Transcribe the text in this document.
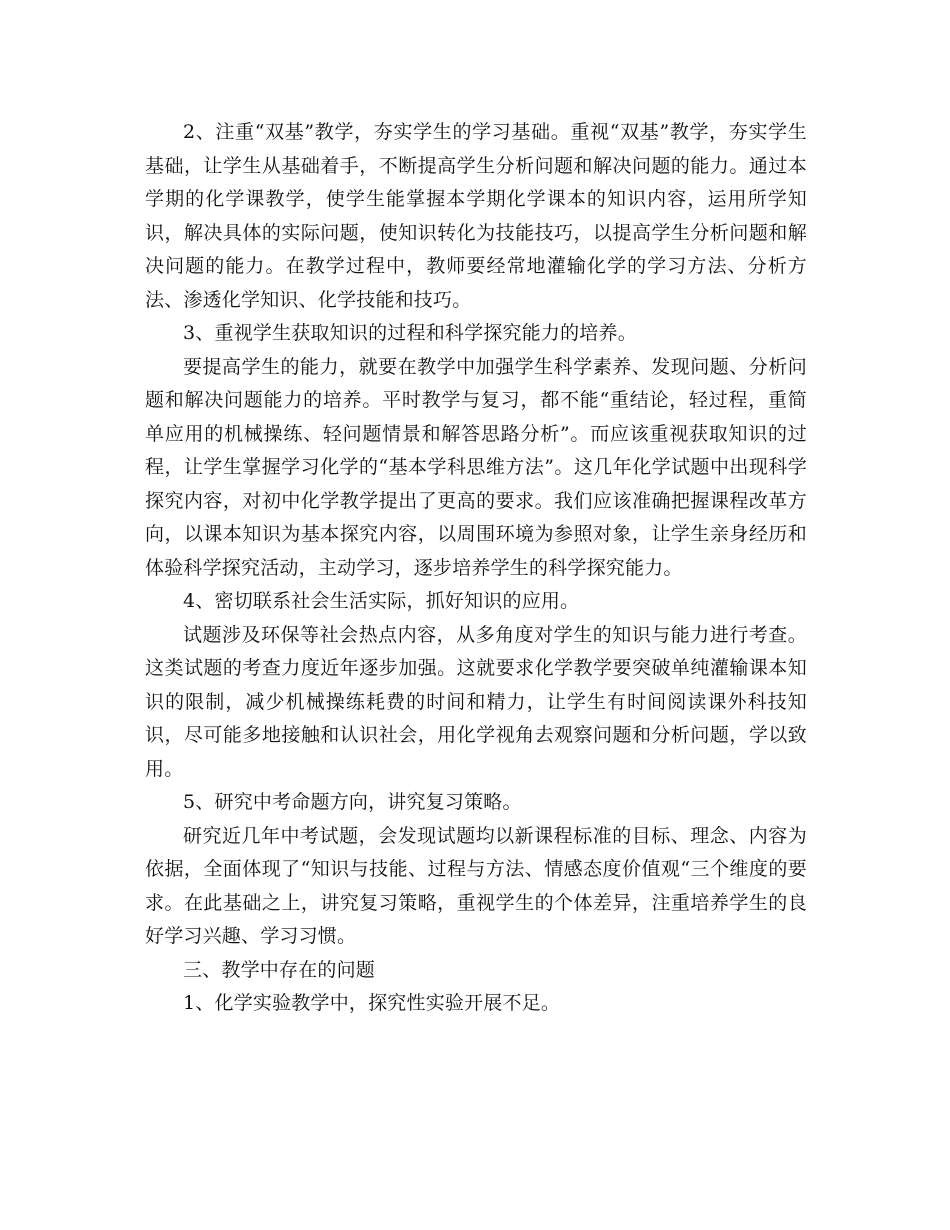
2、注重“双基”教学，夯实学生的学习基础。重视“双基”教学，夯实学生基础，让学生从基础着手，不断提高学生分析问题和解决问题的能力。通过本学期的化学课教学，使学生能掌握本学期化学课本的知识内容，运用所学知识，解决具体的实际问题，使知识转化为技能技巧，以提高学生分析问题和解决问题的能力。在教学过程中，教师要经常地灌输化学的学习方法、分析方法、渗透化学知识、化学技能和技巧。

3、重视学生获取知识的过程和科学探究能力的培养。

要提高学生的能力，就要在教学中加强学生科学素养、发现问题、分析问题和解决问题能力的培养。平时教学与复习，都不能“重结论，轻过程，重简单应用的机械操练、轻问题情景和解答思路分析”。而应该重视获取知识的过程，让学生掌握学习化学的“基本学科思维方法”。这几年化学试题中出现科学探究内容，对初中化学教学提出了更高的要求。我们应该准确把握课程改革方向，以课本知识为基本探究内容，以周围环境为参照对象，让学生亲身经历和体验科学探究活动，主动学习，逐步培养学生的科学探究能力。

4、密切联系社会生活实际，抓好知识的应用。

试题涉及环保等社会热点内容，从多角度对学生的知识与能力进行考查。这类试题的考查力度近年逐步加强。这就要求化学教学要突破单纯灌输课本知识的限制，减少机械操练耗费的时间和精力，让学生有时间阅读课外科技知识，尽可能多地接触和认识社会，用化学视角去观察问题和分析问题，学以致用。

5、研究中考命题方向，讲究复习策略。

研究近几年中考试题，会发现试题均以新课程标准的目标、理念、内容为依据，全面体现了“知识与技能、过程与方法、情感态度价值观“三个维度的要求。在此基础之上，讲究复习策略，重视学生的个体差异，注重培养学生的良好学习兴趣、学习习惯。

三、教学中存在的问题

1、化学实验教学中，探究性实验开展不足。
